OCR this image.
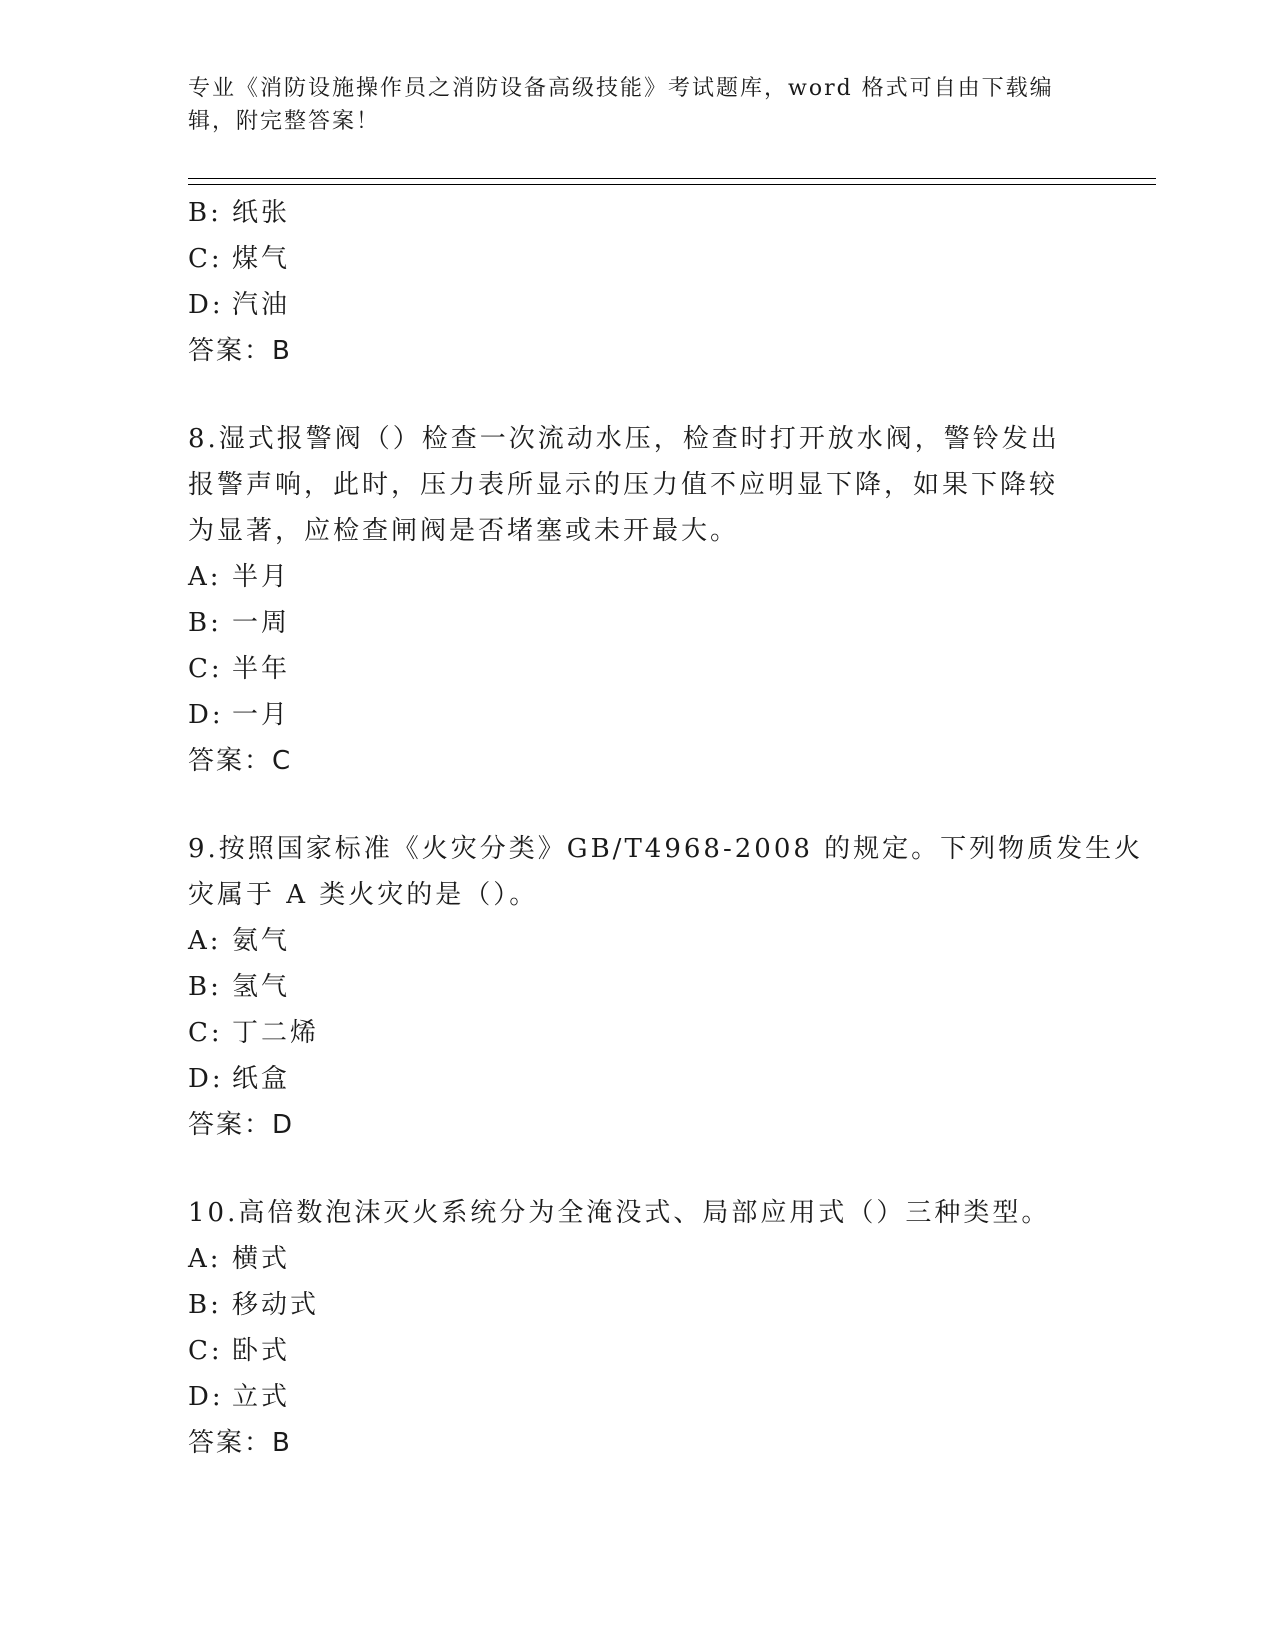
专业《消防设施操作员之消防设备高级技能》考试题库，word 格式可自由下载编
辑，附完整答案！
B: 纸张
C: 煤气
D: 汽油
答案：B
8.湿式报警阀（）检查一次流动水压，检查时打开放水阀，警铃发出
报警声响，此时，压力表所显示的压力值不应明显下降，如果下降较
为显著，应检查闸阀是否堵塞或未开最大。
A: 半月
B: 一周
C: 半年
D: 一月
答案：C
9.按照国家标准《火灾分类》GB/T4968-2008 的规定。下列物质发生火
灾属于 A 类火灾的是（）。
A: 氨气
B: 氢气
C: 丁二烯
D: 纸盒
答案：D
10.高倍数泡沫灭火系统分为全淹没式、局部应用式（）三种类型。
A: 横式
B: 移动式
C: 卧式
D: 立式
答案：B
